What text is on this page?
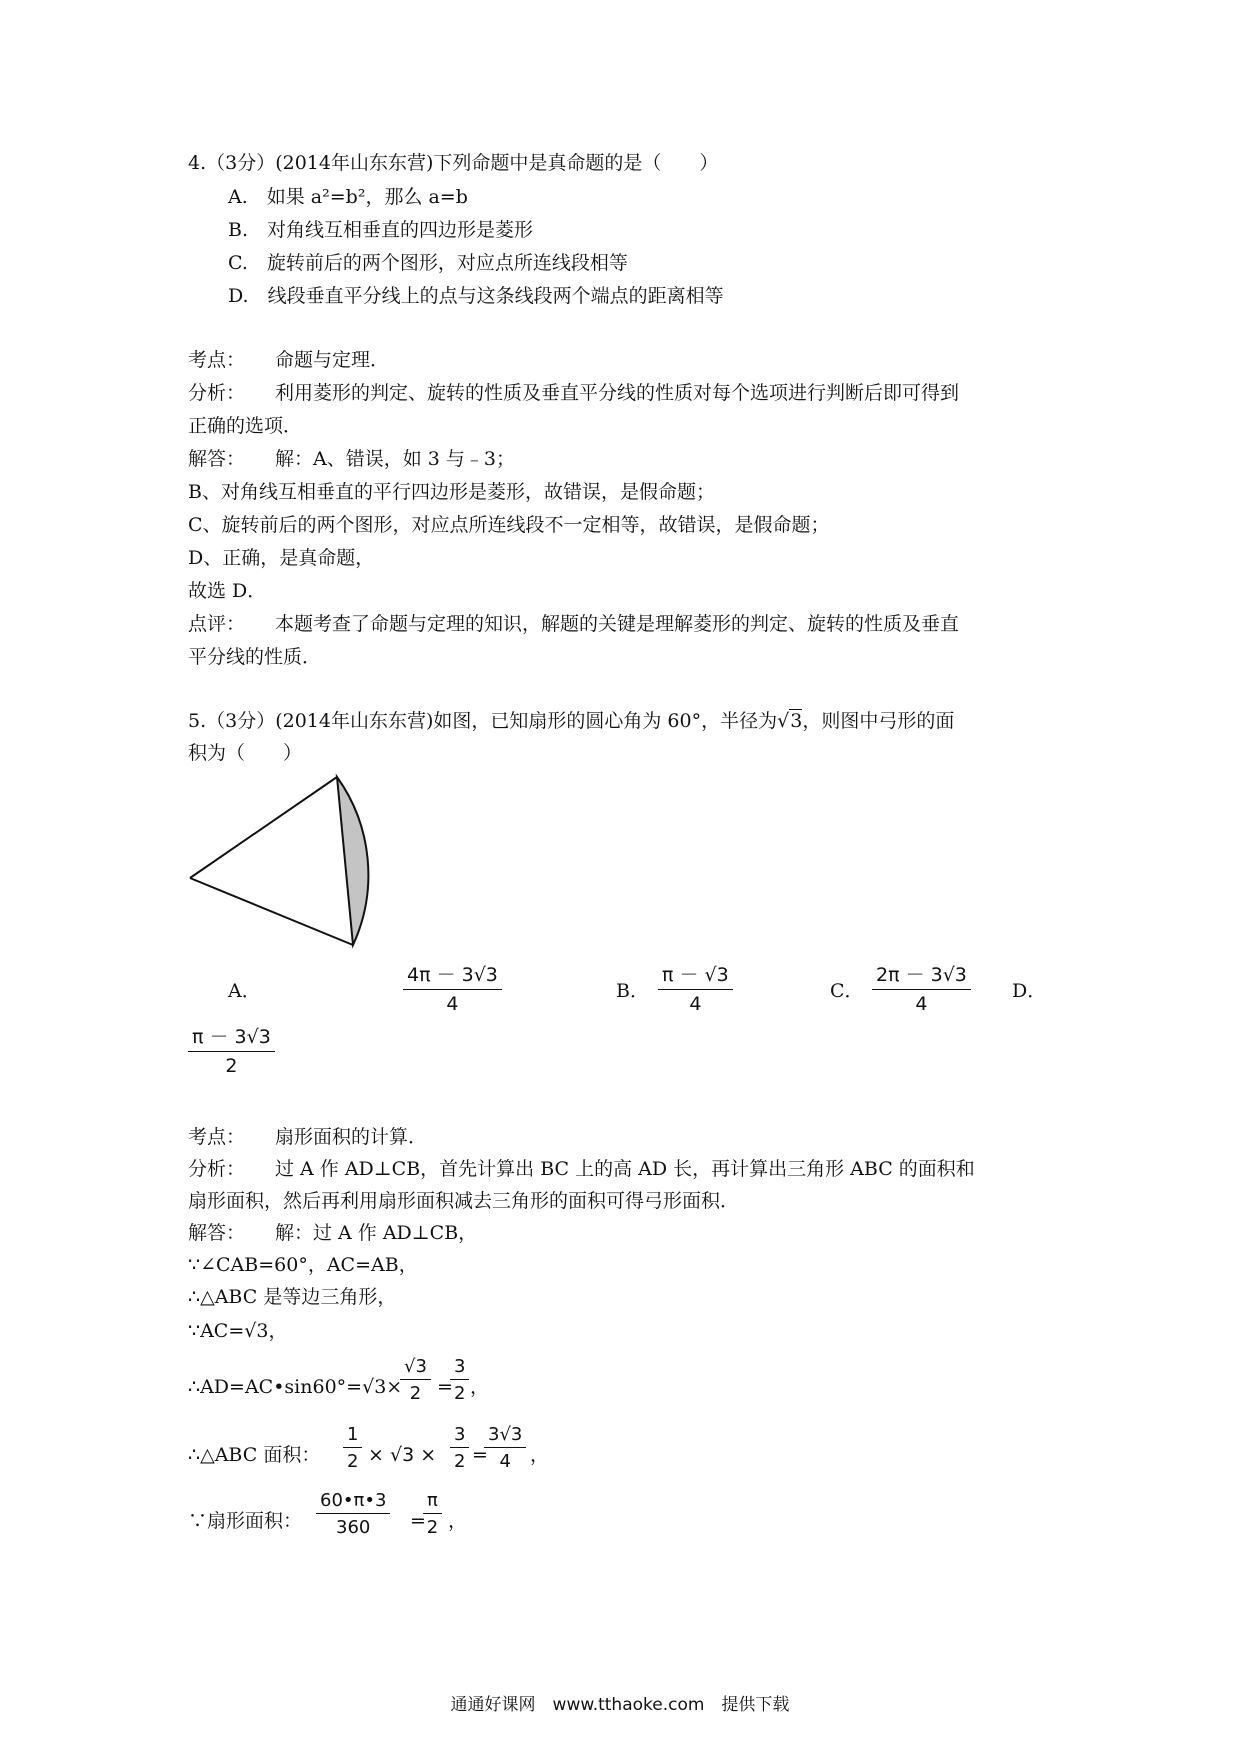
4.（3分）(2014年山东东营)下列命题中是真命题的是（　　）
A.　如果 a²=b²，那么 a=b
B.　对角线互相垂直的四边形是菱形
C.　旋转前后的两个图形，对应点所连线段相等
D.　线段垂直平分线上的点与这条线段两个端点的距离相等
考点： 命题与定理．
分析： 利用菱形的判定、旋转的性质及垂直平分线的性质对每个选项进行判断后即可得到
正确的选项．
解答： 解：A、错误，如 3 与﹣3；
B、对角线互相垂直的平行四边形是菱形，故错误，是假命题；
C、旋转前后的两个图形，对应点所连线段不一定相等，故错误，是假命题；
D、正确，是真命题，
故选 D．
点评： 本题考查了命题与定理的知识，解题的关键是理解菱形的判定、旋转的性质及垂直
平分线的性质．
5.（3分）(2014年山东东营)如图，已知扇形的圆心角为 60°，半径为√3，则图中弓形的面
积为（　　）
A．	$\frac{4\pi - 3√3}{4}$	B． $\frac{\pi - √3}{4}$	C． $\frac{2\pi - 3√3}{4}$ D．
$\frac{\pi - 3√3}{2}$
考点： 扇形面积的计算．
分析： 过 A 作 AD⊥CB，首先计算出 BC 上的高 AD 长，再计算出三角形 ABC 的面积和
扇形面积，然后再利用扇形面积减去三角形的面积可得弓形面积．
解答： 解：过 A 作 AD⊥CB，
∵∠CAB=60°，AC=AB，
∴△ABC 是等边三角形，
∵AC=√3，
∴AD=AC•sin60°=√3×
$\frac{√3}{2}$ =
$\frac{3}{2}$ ，
∴△ABC 面积： $\frac{1}{2} \times √3 \times \frac{3}{2}$ =
$\frac{3√3}{4}$ ，
∵扇形面积： $\frac{60•\pi•3}{360}$ =
$\frac{\pi}{2}$ ，
通通好课网　www.tthaoke.com　提供下载
